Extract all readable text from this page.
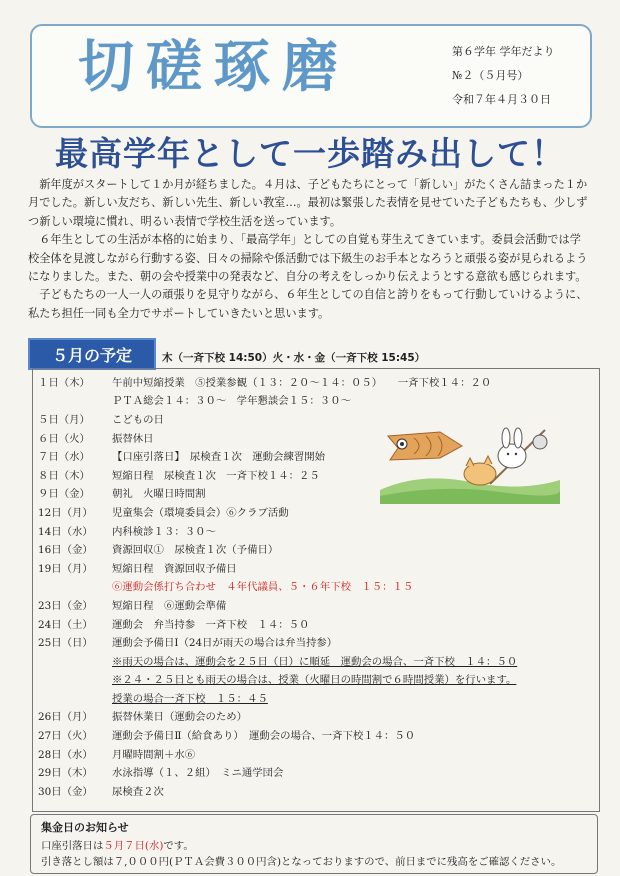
切磋琢磨	第６学年 学年だより
№２（５月号）
令和７年４月３０日
最高学年として一歩踏み出して！

新年度がスタートして１か月が経ちました。４月は、子どもたちにとって「新しい」がたくさん詰まった１か月でした。新しい友だち、新しい先生、新しい教室…。最初は緊張した表情を見せていた子どもたちも、少しずつ新しい環境に慣れ、明るい表情で学校生活を送っています。

６年生としての生活が本格的に始まり、「最高学年」としての自覚も芽生えてきています。委員会活動では学校全体を見渡しながら行動する姿、日々の掃除や係活動では下級生のお手本となろうと頑張る姿が見られるようになりました。また、朝の会や授業中の発表など、自分の考えをしっかり伝えようとする意欲も感じられます。

子どもたちの一人一人の頑張りを見守りながら、６年生としての自信と誇りをもって行動していけるように、私たち担任一同も全力でサポートしていきたいと思います。

５月の予定	木（一斉下校 14:50）火・水・金（一斉下校 15:45）
１日（木）	午前中短縮授業　⑤授業参観（１３：２０〜１４：０５）　　一斉下校１４：２０
ＰＴＡ総会１４：３０〜　学年懇談会１５：３０〜
５日（月）	こどもの日
６日（火）	振替休日
７日（水）	【口座引落日】　尿検査１次　運動会練習開始
８日（木）	短縮日程　尿検査１次　一斉下校１４：２５
９日（金）	朝礼　火曜日時間割
12日（月）	児童集会（環境委員会）⑥クラブ活動
14日（水）	内科検診１３：３０〜
16日（金）	資源回収①　尿検査１次（予備日）
19日（月）	短縮日程　資源回収予備日
⑥運動会係打ち合わせ　４年代議員、５・６年下校　１５：１５
23日（金）	短縮日程　⑥運動会準備
24日（土）	運動会　弁当持参　一斉下校　１４：５０
25日（日）	運動会予備日Ⅰ（24日が雨天の場合は弁当持参）
※雨天の場合は、運動会を２５日（日）に順延　運動会の場合、一斉下校　１４：５０
※２４・２５日とも雨天の場合は、授業（火曜日の時間割で６時間授業）を行います。
授業の場合一斉下校　１５：４５
26日（月）	振替休業日（運動会のため）
27日（火）	運動会予備日Ⅱ（給食あり）　運動会の場合、一斉下校１４：５０
28日（水）	月曜時間割＋水⑥
29日（木）	水泳指導（１、２組）　ミニ通学団会
30日（金）	尿検査２次
集金日のお知らせ
口座引落日は５月７日(水)です。
引き落とし額は７,０００円(ＰＴＡ会費３００円含)となっておりますので、前日までに残高をご確認ください。
